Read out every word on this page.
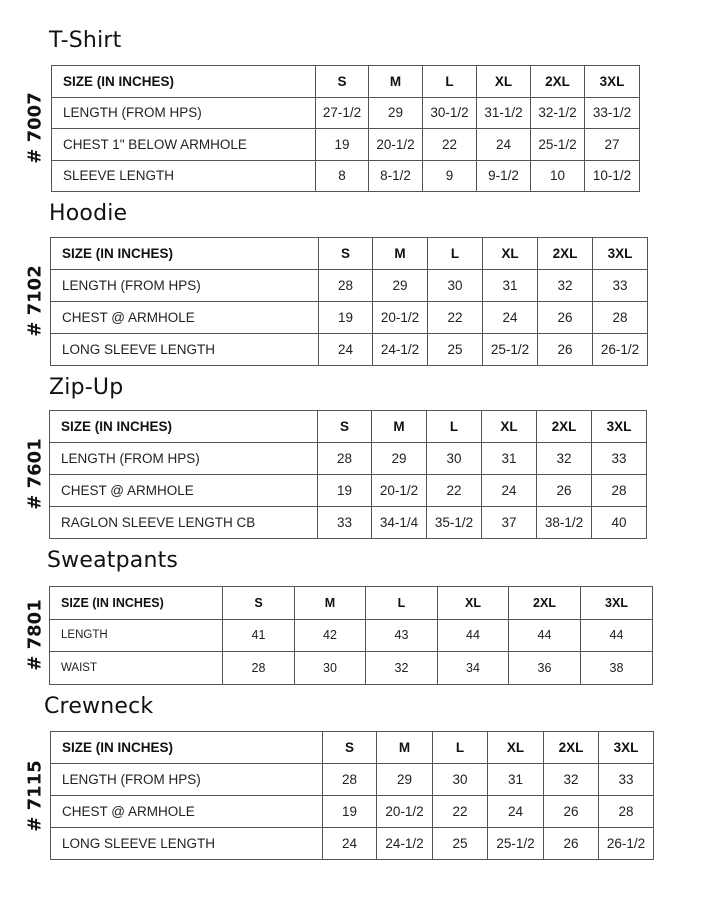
T-Shirt
# 7007
SIZE (IN INCHES)	S	M	L	XL	2XL	3XL
LENGTH (FROM HPS)	27-1/2	29	30-1/2	31-1/2	32-1/2	33-1/2
CHEST 1" BELOW ARMHOLE	19	20-1/2	22	24	25-1/2	27
SLEEVE LENGTH	8	8-1/2	9	9-1/2	10	10-1/2
Hoodie
# 7102
SIZE (IN INCHES)	S	M	L	XL	2XL	3XL
LENGTH (FROM HPS)	28	29	30	31	32	33
CHEST @ ARMHOLE	19	20-1/2	22	24	26	28
LONG SLEEVE LENGTH	24	24-1/2	25	25-1/2	26	26-1/2
Zip-Up
# 7601
SIZE (IN INCHES)	S	M	L	XL	2XL	3XL
LENGTH (FROM HPS)	28	29	30	31	32	33
CHEST @ ARMHOLE	19	20-1/2	22	24	26	28
RAGLON SLEEVE LENGTH CB	33	34-1/4	35-1/2	37	38-1/2	40
Sweatpants
# 7801 SIZE (IN INCHES)	S	M	L	XL	2XL	3XL
LENGTH	41	42	43	44	44	44
WAIST	28	30	32	34	36	38
Crewneck
# 7115
SIZE (IN INCHES)	S	M	L	XL	2XL	3XL
LENGTH (FROM HPS)	28	29	30	31	32	33
CHEST @ ARMHOLE	19	20-1/2	22	24	26	28
LONG SLEEVE LENGTH	24	24-1/2	25	25-1/2	26	26-1/2
